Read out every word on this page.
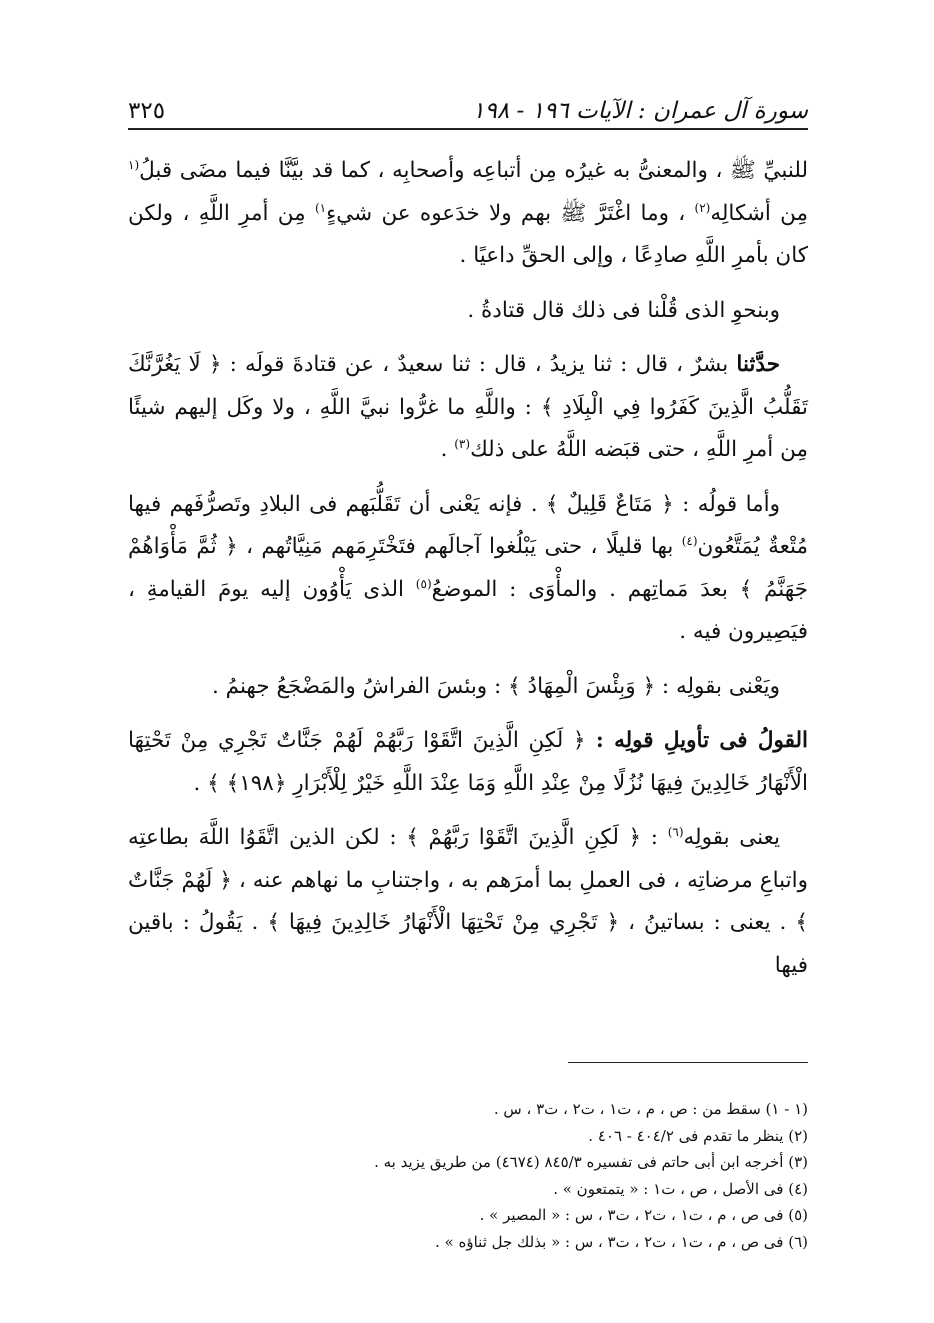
سورة آل عمران : الآيات ١٩٦ - ١٩٨
٣٢٥

للنبيِّ ﷺ ، والمعنىُّ به غيرُه مِن أتباعِه وأصحابِه ، كما قد بيَّنَّا فيما مضَى قبلُ$^{(١}$ مِن أشكالِه$^{(٢)}$ ، وما اغْتَرَّ ﷺ بهم ولا خدَعوه عن شيءٍ$^{١)}$ مِن أمرِ اللَّهِ ، ولكن كان بأمرِ اللَّهِ صادِعًا ، وإلى الحقِّ داعيًا .

وبنحوِ الذى قُلْنا فى ذلك قال قتادةُ .

حدَّثنا بشرٌ ، قال : ثنا يزيدُ ، قال : ثنا سعيدٌ ، عن قتادةَ قولَه : ﴿ لَا يَغُرَّنَّكَ تَقَلُّبُ الَّذِينَ كَفَرُوا فِي الْبِلَادِ ﴾ : واللَّهِ ما غرُّوا نبيَّ اللَّهِ ، ولا وكَل إليهم شيئًا مِن أمرِ اللَّهِ ، حتى قبَضه اللَّهُ على ذلك$^{(٣)}$ .

وأما قولُه : ﴿ مَتَاعٌ قَلِيلٌ ﴾ . فإنه يَعْنى أن تَقَلُّبَهم فى البلادِ وتَصرُّفَهم فيها مُتْعةٌ يُمَتَّعُون$^{(٤)}$ بها قليلًا ، حتى يَبْلُغوا آجالَهم فتَخْتَرِمَهم مَنِيَّاتُهم ، ﴿ ثُمَّ مَأْوَاهُمْ جَهَنَّمُ ﴾ بعدَ مَماتِهم . والمأْوَى : الموضعُ$^{(٥)}$ الذى يَأْوُون إليه يومَ القيامةِ ، فيَصِيرون فيه .

ويَعْنى بقولِه : ﴿ وَبِئْسَ الْمِهَادُ ﴾ : وبئسَ الفراشُ والمَضْجَعُ جهنمُ .

القولُ فى تأويلِ قولِه : ﴿ لَكِنِ الَّذِينَ اتَّقَوْا رَبَّهُمْ لَهُمْ جَنَّاتٌ تَجْرِي مِنْ تَحْتِهَا الْأَنْهَارُ خَالِدِينَ فِيهَا نُزُلًا مِنْ عِنْدِ اللَّهِ وَمَا عِنْدَ اللَّهِ خَيْرٌ لِلْأَبْرَارِ ﴿١٩٨﴾ ﴾ .

يعنى بقولِه$^{(٦)}$ : ﴿ لَكِنِ الَّذِينَ اتَّقَوْا رَبَّهُمْ ﴾ : لكن الذين اتَّقَوُا اللَّهَ بطاعتِه واتباعِ مرضاتِه ، فى العملِ بما أمرَهم به ، واجتنابِ ما نهاهم عنه ، ﴿ لَهُمْ جَنَّاتٌ ﴾ . يعنى : بساتينُ ، ﴿ تَجْرِي مِنْ تَحْتِهَا الْأَنْهَارُ خَالِدِينَ فِيهَا ﴾ . يَقُولُ : باقين فيها

(١ - ١) سقط من : ص ، م ، ت١ ، ت٢ ، ت٣ ، س .
(٢) ينظر ما تقدم فى ٤٠٤/٢ - ٤٠٦ .
(٣) أخرجه ابن أبى حاتم فى تفسيره ٨٤٥/٣ (٤٦٧٤) من طريق يزيد به .
(٤) فى الأصل ، ص ، ت١ : « يتمتعون » .
(٥) فى ص ، م ، ت١ ، ت٢ ، ت٣ ، س : « المصير » .
(٦) فى ص ، م ، ت١ ، ت٢ ، ت٣ ، س : « بذلك جل ثناؤه » .
